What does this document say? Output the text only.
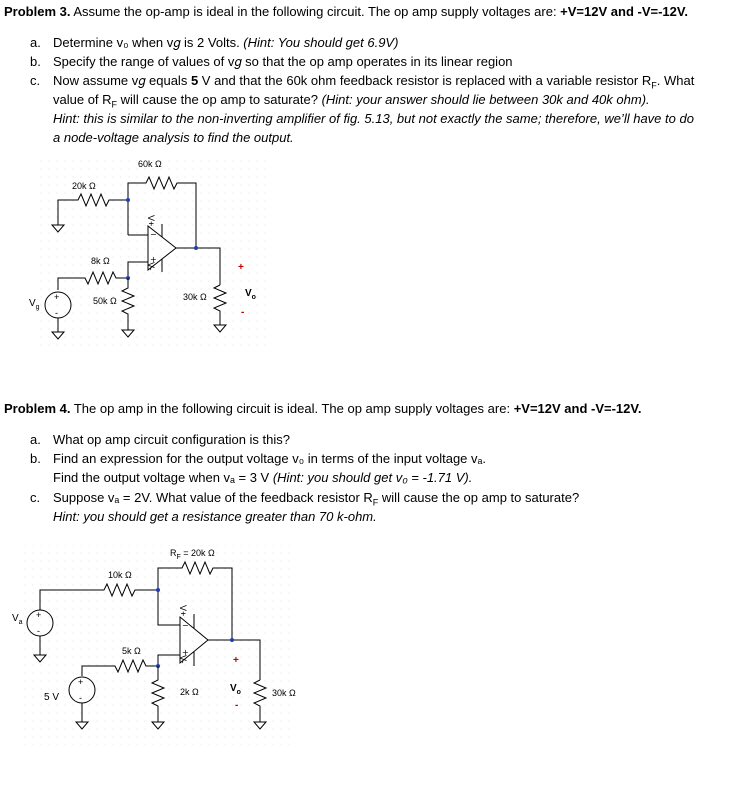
Problem 3. Assume the op-amp is ideal in the following circuit. The op amp supply voltages are: +V=12V and -V=-12V.
a. Determine v₀ when v𝑔 is 2 Volts. (Hint: You should get 6.9V)
b. Specify the range of values of v𝑔 so that the op amp operates in its linear region
c. Now assume v𝑔 equals 5 V and that the 60k ohm feedback resistor is replaced with a variable resistor $R_F$. What
value of $R_F$ will cause the op amp to saturate? (Hint: your answer should lie between 30k and 40k ohm).
Hint: this is similar to the non-inverting amplifier of fig. 5.13, but not exactly the same; therefore, we’ll have to do
a node-voltage analysis to find the output.
−
+
−
+
60k Ω
20k Ω
8k Ω
50k Ω	30k Ω
V+
V-
$V_g$
+
-
+
$V_o$
-
Problem 4. The op amp in the following circuit is ideal. The op amp supply voltages are: +V=12V and -V=-12V.
a. What op amp circuit configuration is this?
b. Find an expression for the output voltage v₀ in terms of the input voltage vₐ.
Find the output voltage when vₐ = 3 V (Hint: you should get v₀ = -1.71 V).
c. Suppose vₐ = 2V. What value of the feedback resistor $R_F$ will cause the op amp to saturate?
Hint: you should get a resistance greater than 70 k-ohm.
$R_F = 20k$ Ω
10k Ω
5k Ω
2k Ω	30k Ω
V+
V-
$V_a$
+
-
5 V
+
-
+
$V_o$
-
